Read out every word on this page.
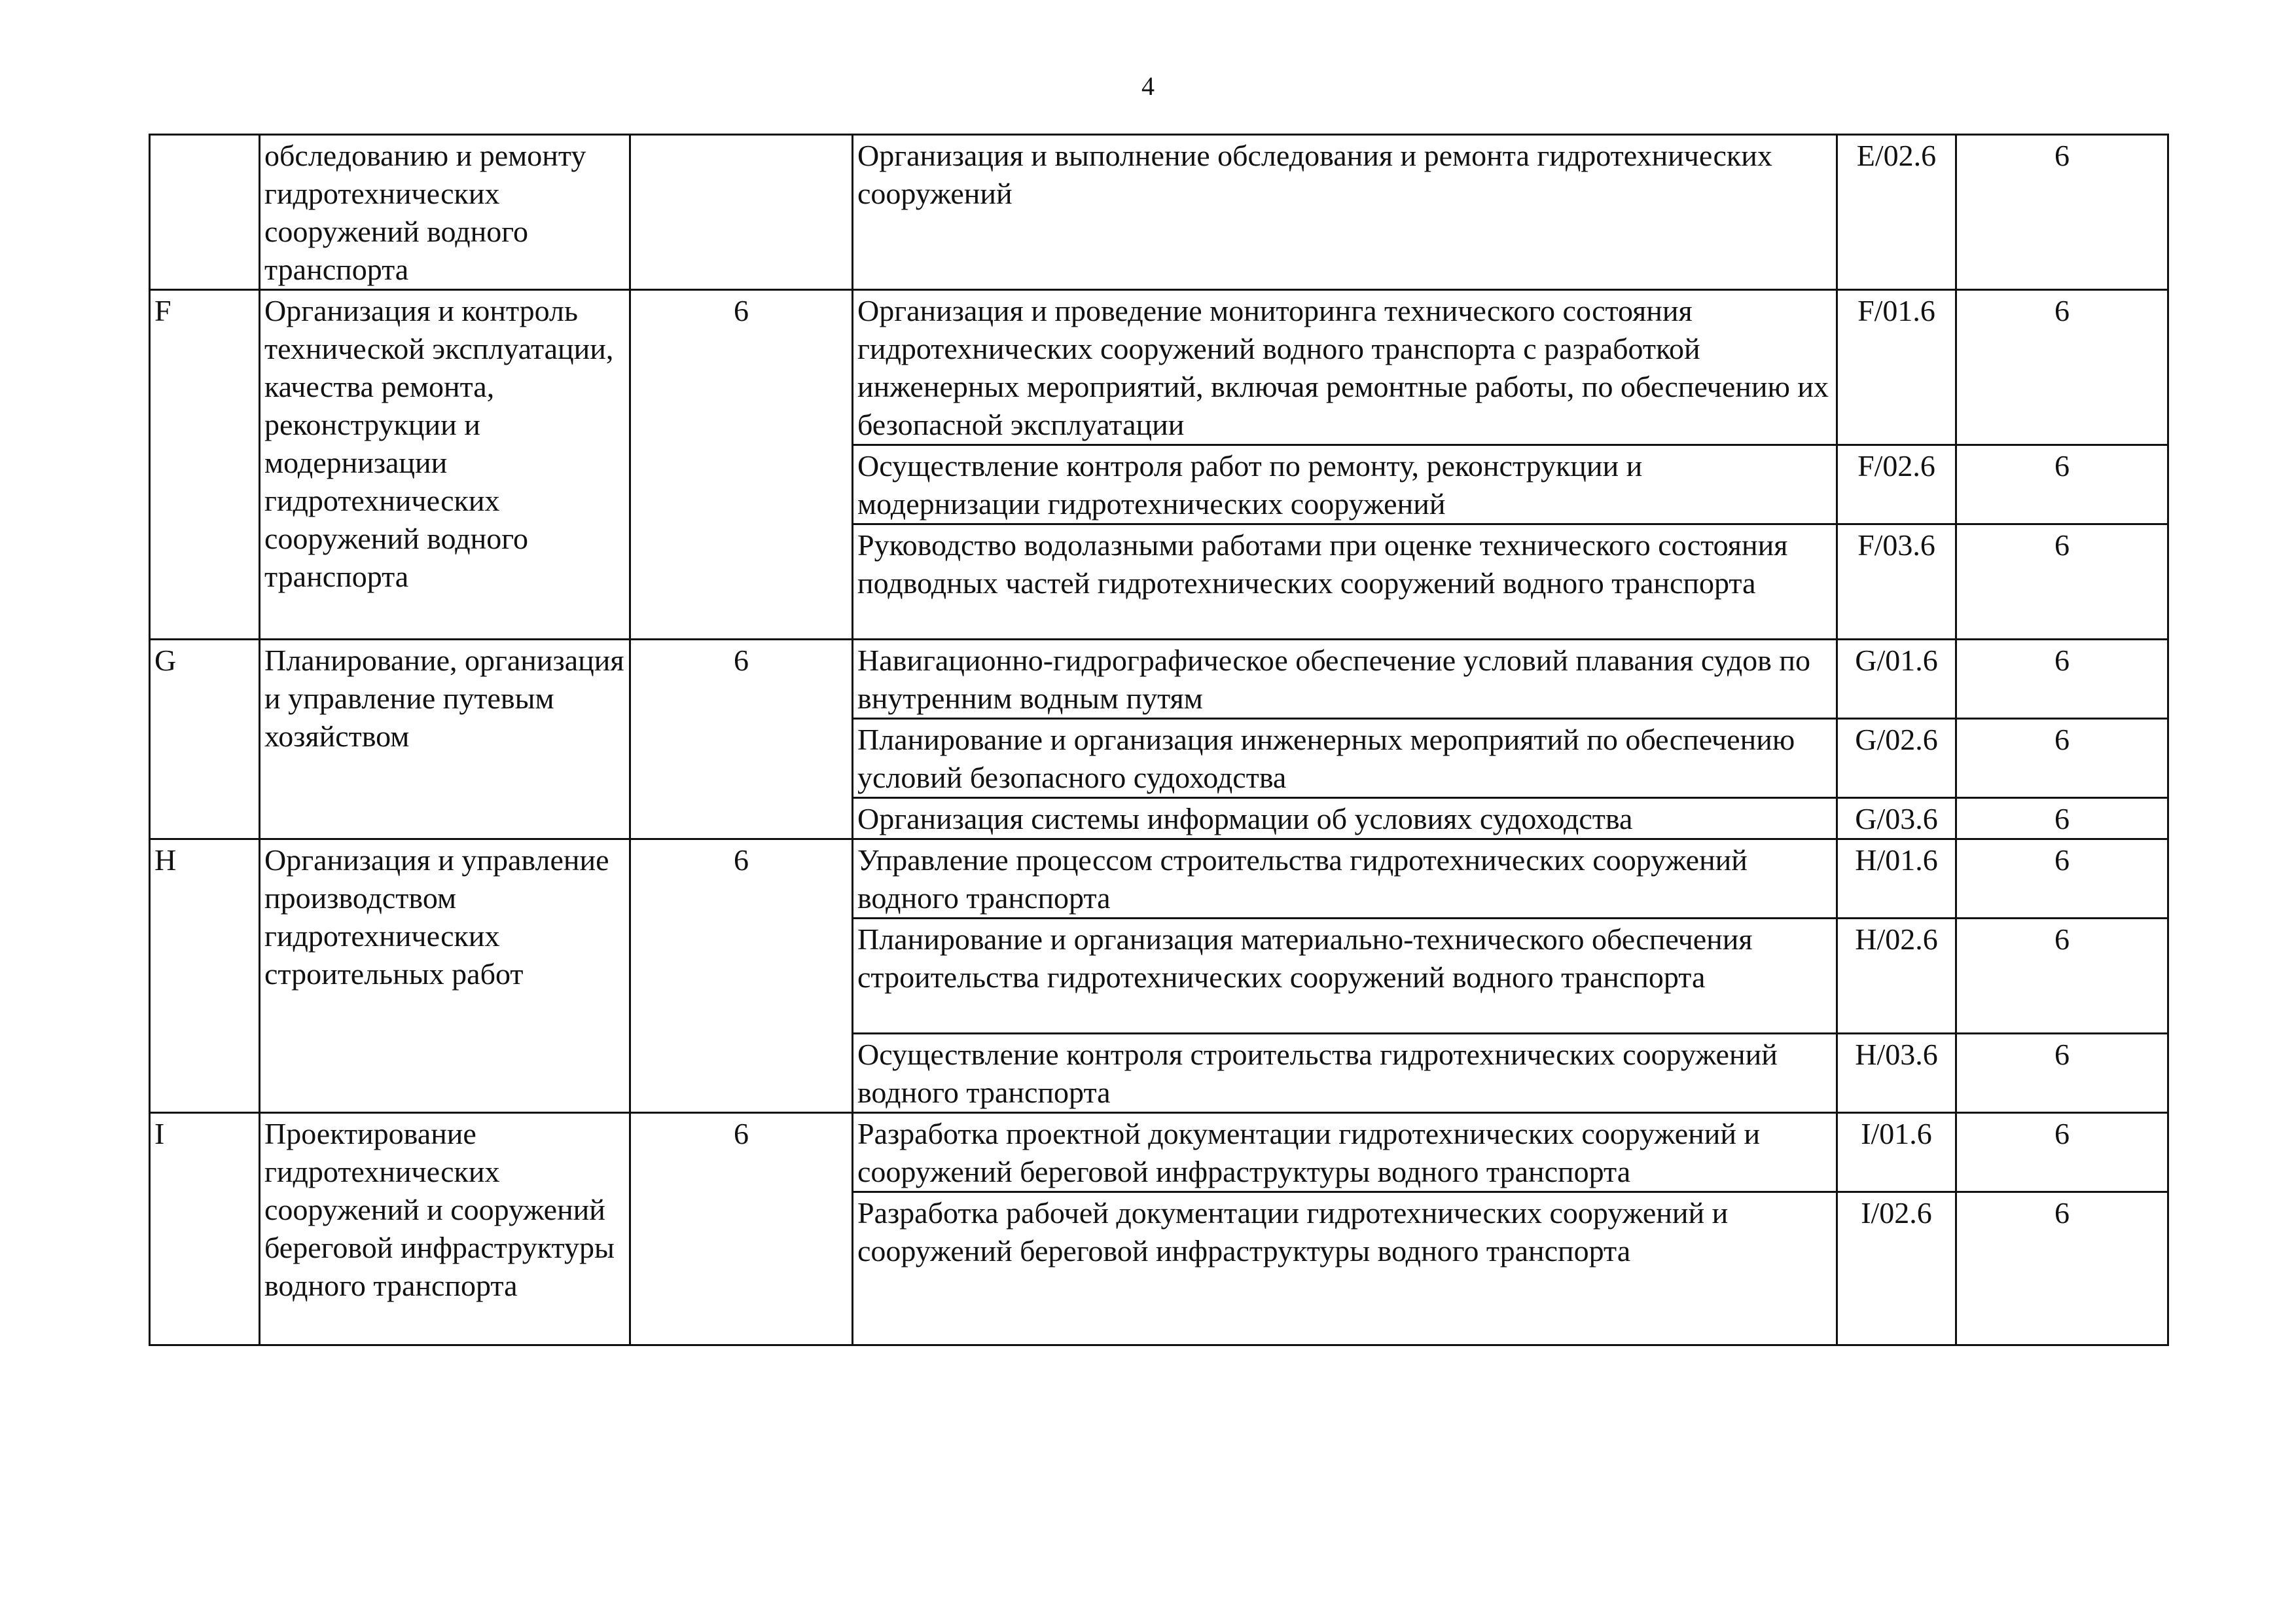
4
	обследованию и ремонту гидротехнических сооружений водного транспорта		Организация и выполнение обследования и ремонта гидротехнических сооружений	E/02.6	6
F	Организация и контроль технической эксплуатации, качества ремонта, реконструкции и модернизации гидротехнических сооружений водного транспорта	6	Организация и проведение мониторинга технического состояния гидротехнических сооружений водного транспорта с разработкой инженерных мероприятий, включая ремонтные работы, по обеспечению их безопасной эксплуатации	F/01.6	6
			Осуществление контроля работ по ремонту, реконструкции и модернизации гидротехнических сооружений	F/02.6	6
			Руководство водолазными работами при оценке технического состояния подводных частей гидротехнических сооружений водного транспорта	F/03.6	6
G	Планирование, организация и управление путевым хозяйством	6	Навигационно-гидрографическое обеспечение условий плавания судов по внутренним водным путям	G/01.6	6
			Планирование и организация инженерных мероприятий по обеспечению условий безопасного судоходства	G/02.6	6
			Организация системы информации об условиях судоходства	G/03.6	6
H	Организация и управление производством гидротехнических строительных работ	6	Управление процессом строительства гидротехнических сооружений водного транспорта	H/01.6	6
			Планирование и организация материально-технического обеспечения строительства гидротехнических сооружений водного транспорта	H/02.6	6
			Осуществление контроля строительства гидротехнических сооружений водного транспорта	H/03.6	6
I	Проектирование гидротехнических сооружений и сооружений береговой инфраструктуры водного транспорта	6	Разработка проектной документации гидротехнических сооружений и сооружений береговой инфраструктуры водного транспорта	I/01.6	6
			Разработка рабочей документации гидротехнических сооружений и сооружений береговой инфраструктуры водного транспорта	I/02.6	6
